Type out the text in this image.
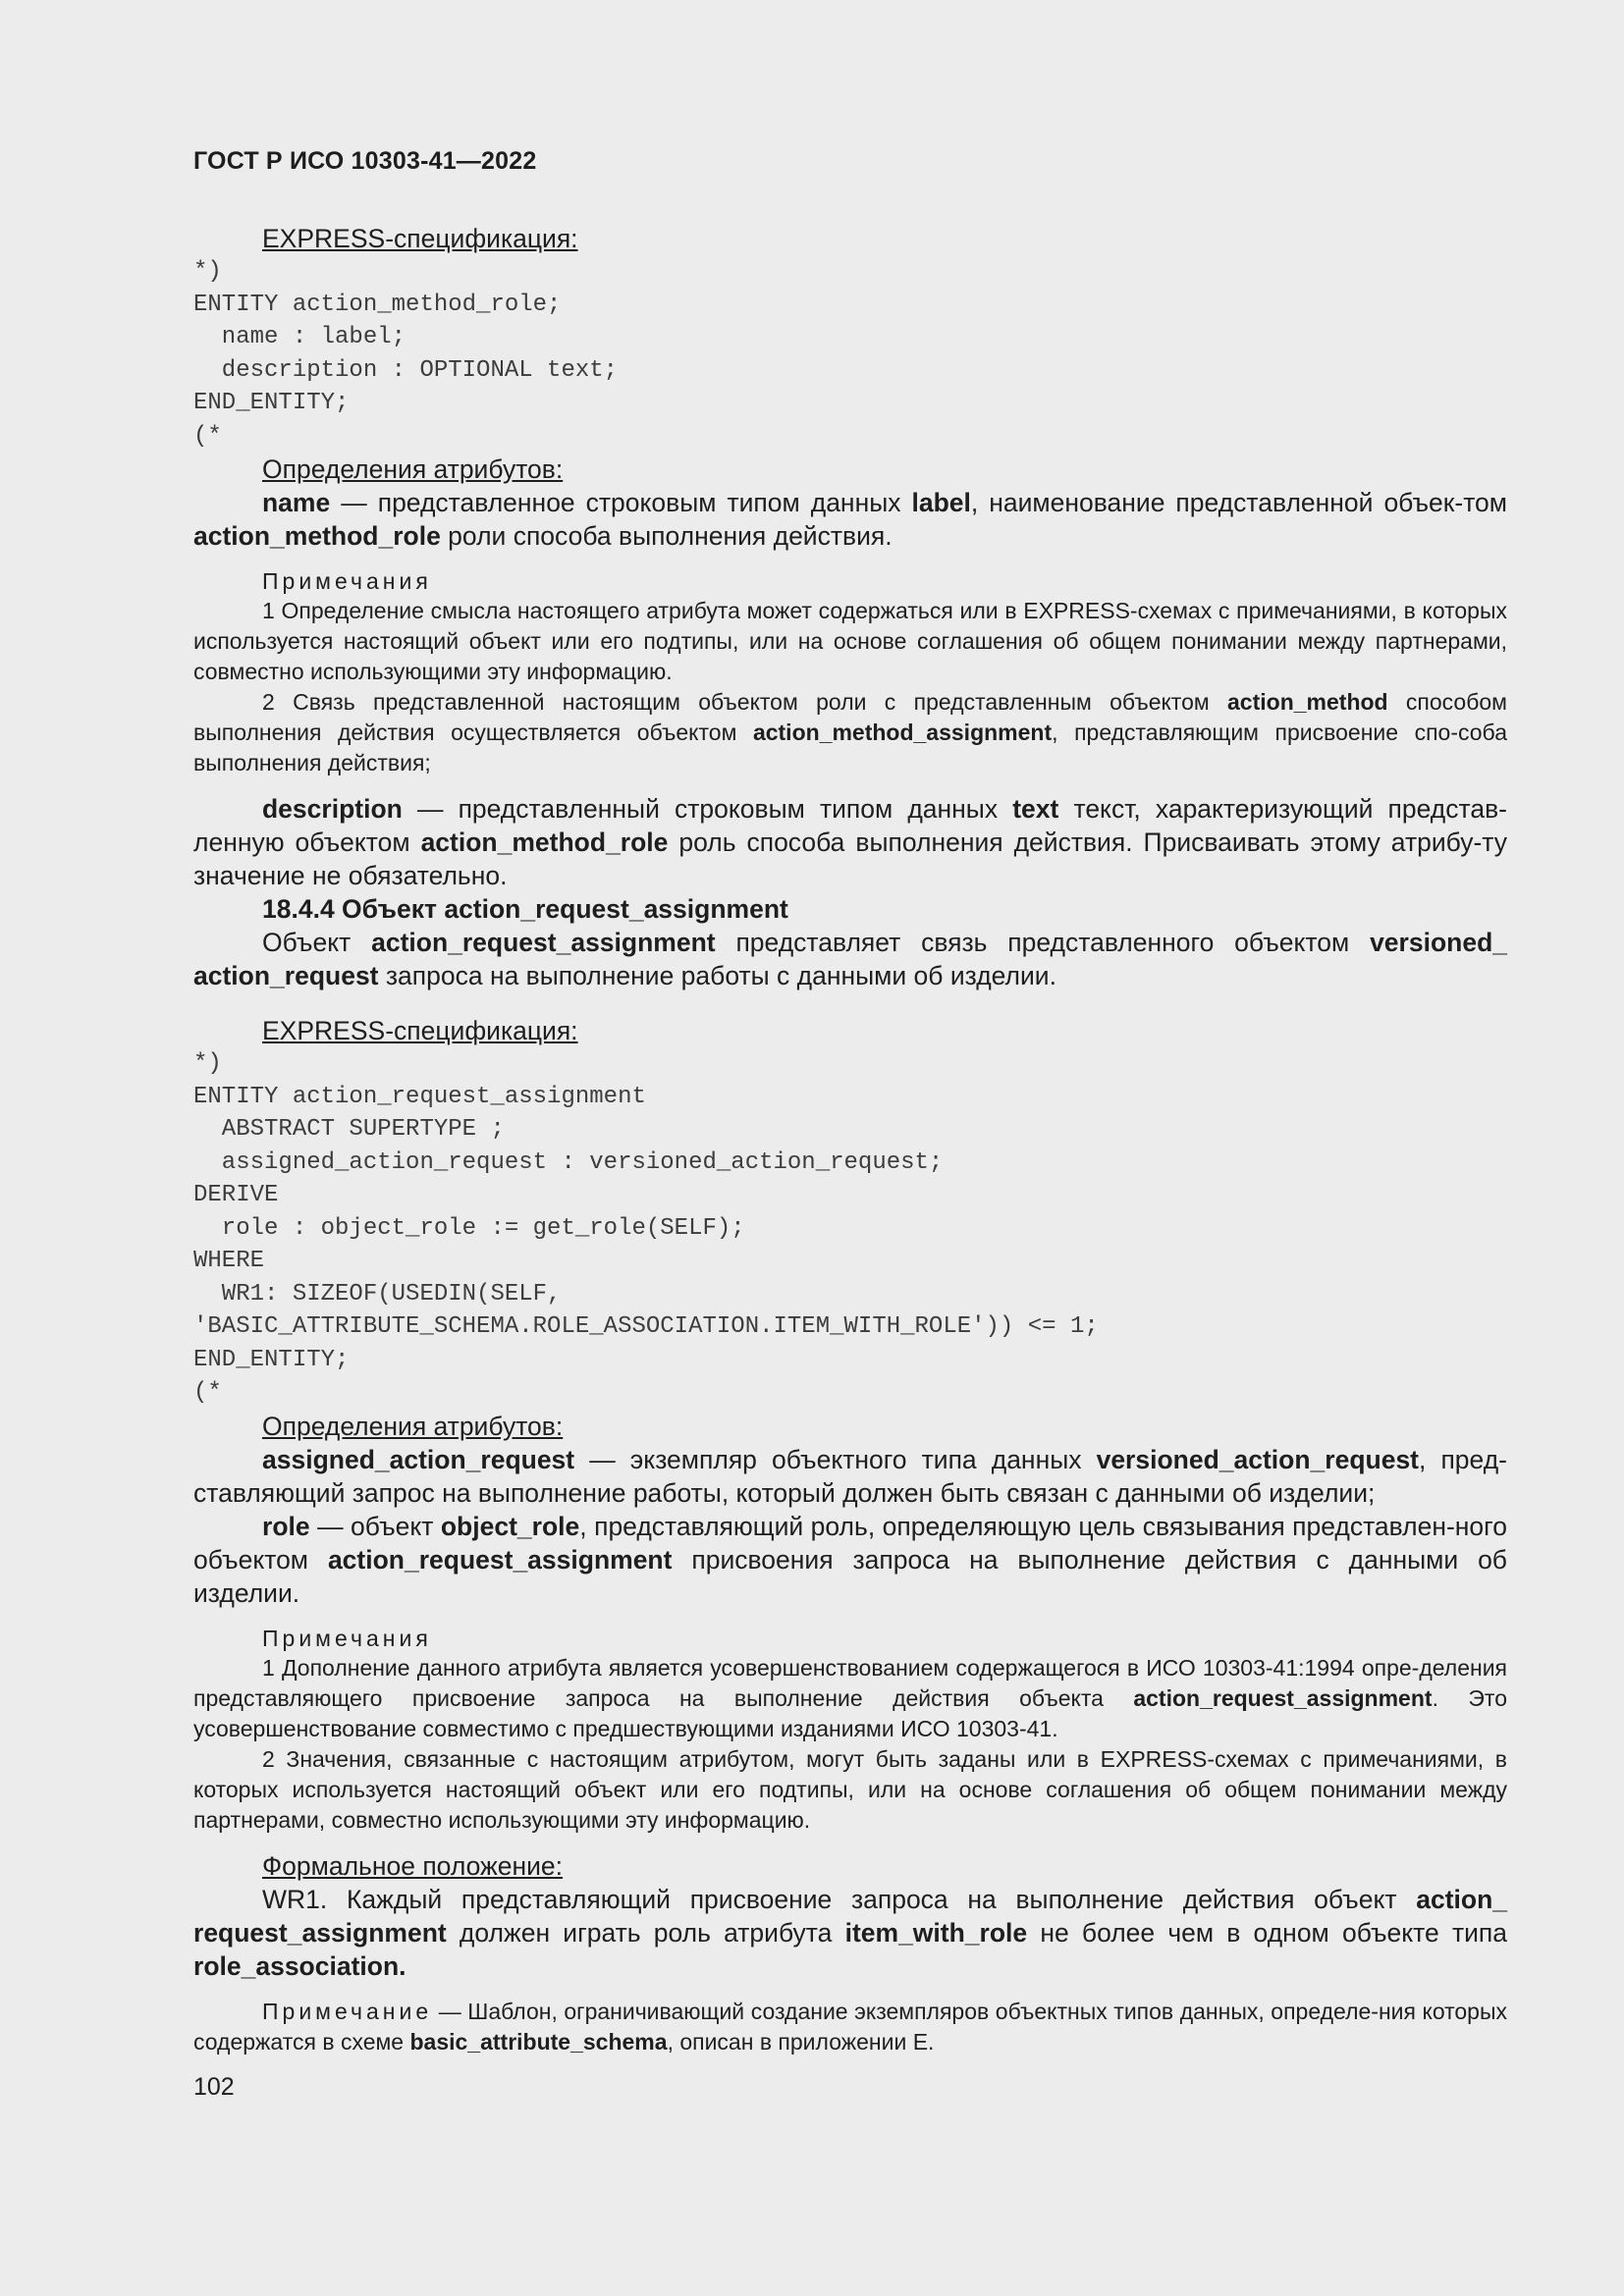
ГОСТ Р ИСО 10303-41—2022

EXPRESS-спецификация:

*)
ENTITY action_method_role;
name : label;
description : OPTIONAL text;
END_ENTITY;
(*

Определения атрибутов:

name — представленное строковым типом данных label, наименование представленной объек-том action_method_role роли способа выполнения действия.

Примечания

1 Определение смысла настоящего атрибута может содержаться или в EXPRESS-схемах с примечаниями, в которых используется настоящий объект или его подтипы, или на основе соглашения об общем понимании между партнерами, совместно использующими эту информацию.

2 Связь представленной настоящим объектом роли с представленным объектом action_method способом выполнения действия осуществляется объектом action_method_assignment, представляющим присвоение спо-соба выполнения действия;

description — представленный строковым типом данных text текст, характеризующий представ-ленную объектом action_method_role роль способа выполнения действия. Присваивать этому атрибу-ту значение не обязательно.

18.4.4 Объект action_request_assignment

Объект action_request_assignment представляет связь представленного объектом versioned_ action_request запроса на выполнение работы с данными об изделии.

EXPRESS-спецификация:

*)
ENTITY action_request_assignment
ABSTRACT SUPERTYPE ;
assigned_action_request : versioned_action_request;
DERIVE
role : object_role := get_role(SELF);
WHERE
WR1: SIZEOF(USEDIN(SELF,
'BASIC_ATTRIBUTE_SCHEMA.ROLE_ASSOCIATION.ITEM_WITH_ROLE')) <= 1;
END_ENTITY;
(*

Определения атрибутов:

assigned_action_request — экземпляр объектного типа данных versioned_action_request, пред-ставляющий запрос на выполнение работы, который должен быть связан с данными об изделии;

role — объект object_role, представляющий роль, определяющую цель связывания представлен-ного объектом action_request_assignment присвоения запроса на выполнение действия с данными об изделии.

Примечания

1 Дополнение данного атрибута является усовершенствованием содержащегося в ИСО 10303-41:1994 опре-деления представляющего присвоение запроса на выполнение действия объекта action_request_assignment. Это усовершенствование совместимо с предшествующими изданиями ИСО 10303-41.

2 Значения, связанные с настоящим атрибутом, могут быть заданы или в EXPRESS-схемах с примечаниями, в которых используется настоящий объект или его подтипы, или на основе соглашения об общем понимании между партнерами, совместно использующими эту информацию.

Формальное положение:

WR1. Каждый представляющий присвоение запроса на выполнение действия объект action_ request_assignment должен играть роль атрибута item_with_role не более чем в одном объекте типа role_association.

Примечание — Шаблон, ограничивающий создание экземпляров объектных типов данных, определе-ния которых содержатся в схеме basic_attribute_schema, описан в приложении E.

102
